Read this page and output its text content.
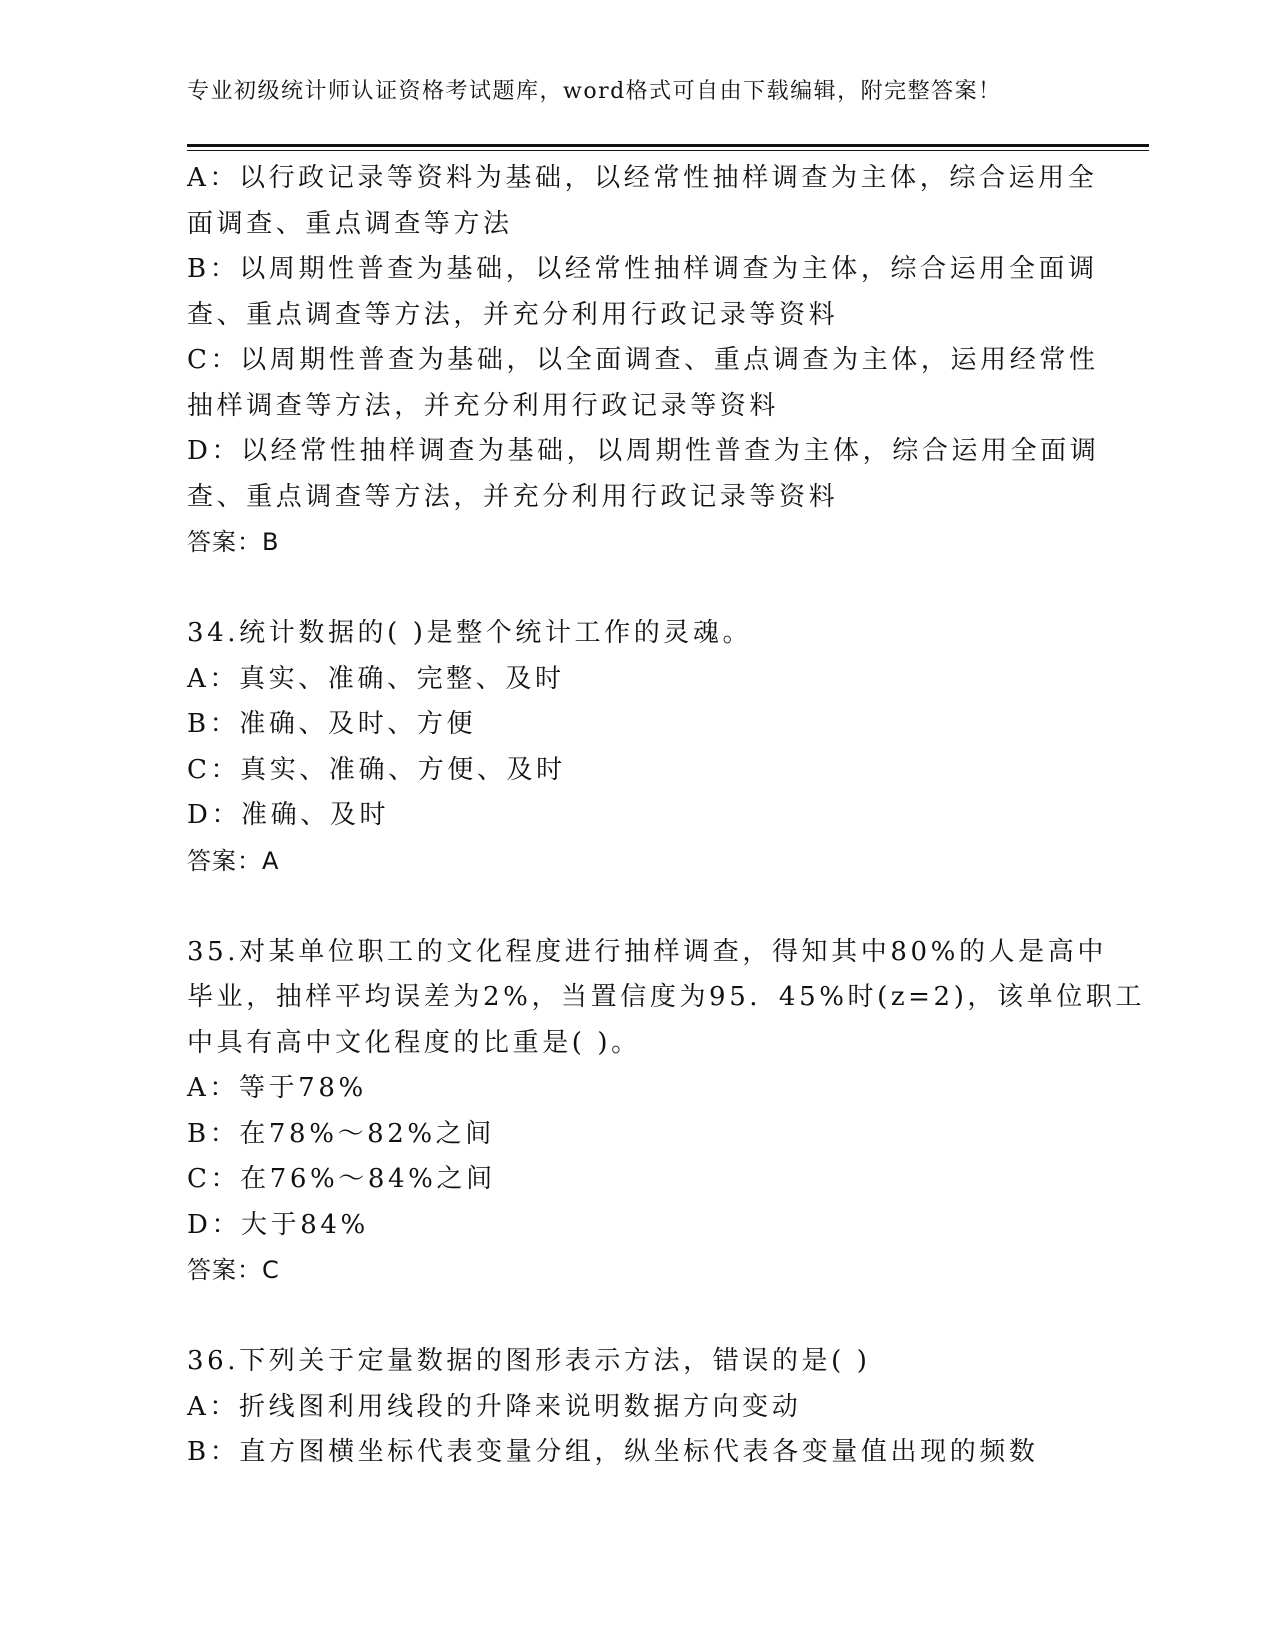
专业初级统计师认证资格考试题库，word格式可自由下载编辑，附完整答案！
A：以行政记录等资料为基础，以经常性抽样调查为主体，综合运用全
面调查、重点调查等方法
B：以周期性普查为基础，以经常性抽样调查为主体，综合运用全面调
查、重点调查等方法，并充分利用行政记录等资料
C：以周期性普查为基础，以全面调查、重点调查为主体，运用经常性
抽样调查等方法，并充分利用行政记录等资料
D：以经常性抽样调查为基础，以周期性普查为主体，综合运用全面调
查、重点调查等方法，并充分利用行政记录等资料
答案：B
34.统计数据的( )是整个统计工作的灵魂。
A：真实、准确、完整、及时
B：准确、及时、方便
C：真实、准确、方便、及时
D：准确、及时
答案：A
35.对某单位职工的文化程度进行抽样调查，得知其中80%的人是高中
毕业，抽样平均误差为2%，当置信度为95．45%时(z=2)，该单位职工
中具有高中文化程度的比重是( )。
A：等于78%
B：在78%～82%之间
C：在76%～84%之间
D：大于84%
答案：C
36.下列关于定量数据的图形表示方法，错误的是( )
A：折线图利用线段的升降来说明数据方向变动
B：直方图横坐标代表变量分组，纵坐标代表各变量值出现的频数
